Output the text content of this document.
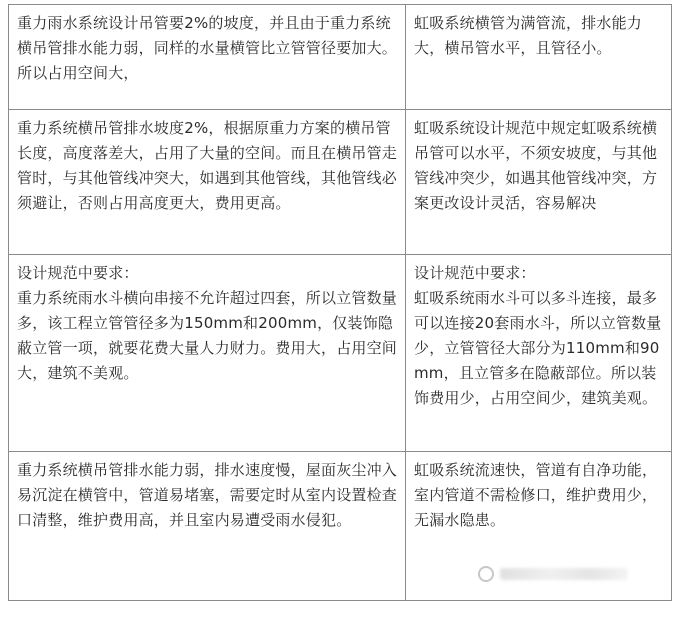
重力雨水系统设计吊管要2%的坡度，并且由于重力系统横吊管排水能力弱，同样的水量横管比立管管径要加大。所以占用空间大，
虹吸系统横管为满管流，排水能力大，横吊管水平，且管径小。
重力系统横吊管排水坡度2%，根据原重力方案的横吊管长度，高度落差大，占用了大量的空间。而且在横吊管走管时，与其他管线冲突大，如遇到其他管线，其他管线必须避让，否则占用高度更大，费用更高。
虹吸系统设计规范中规定虹吸系统横吊管可以水平，不须安坡度，与其他管线冲突少，如遇其他管线冲突，方案更改设计灵活，容易解决
设计规范中要求：
重力系统雨水斗横向串接不允许超过四套，所以立管数量多，该工程立管管径多为150mm和200mm，仅装饰隐蔽立管一项，就要花费大量人力财力。费用大，占用空间大，建筑不美观。
设计规范中要求：
虹吸系统雨水斗可以多斗连接，最多可以连接20套雨水斗，所以立管数量少，立管管径大部分为110mm和90mm，且立管多在隐蔽部位。所以装饰费用少，占用空间少，建筑美观。
重力系统横吊管排水能力弱，排水速度慢，屋面灰尘冲入易沉淀在横管中，管道易堵塞，需要定时从室内设置检查口清整，维护费用高，并且室内易遭受雨水侵犯。
虹吸系统流速快，管道有自净功能，室内管道不需检修口，维护费用少，无漏水隐患。
